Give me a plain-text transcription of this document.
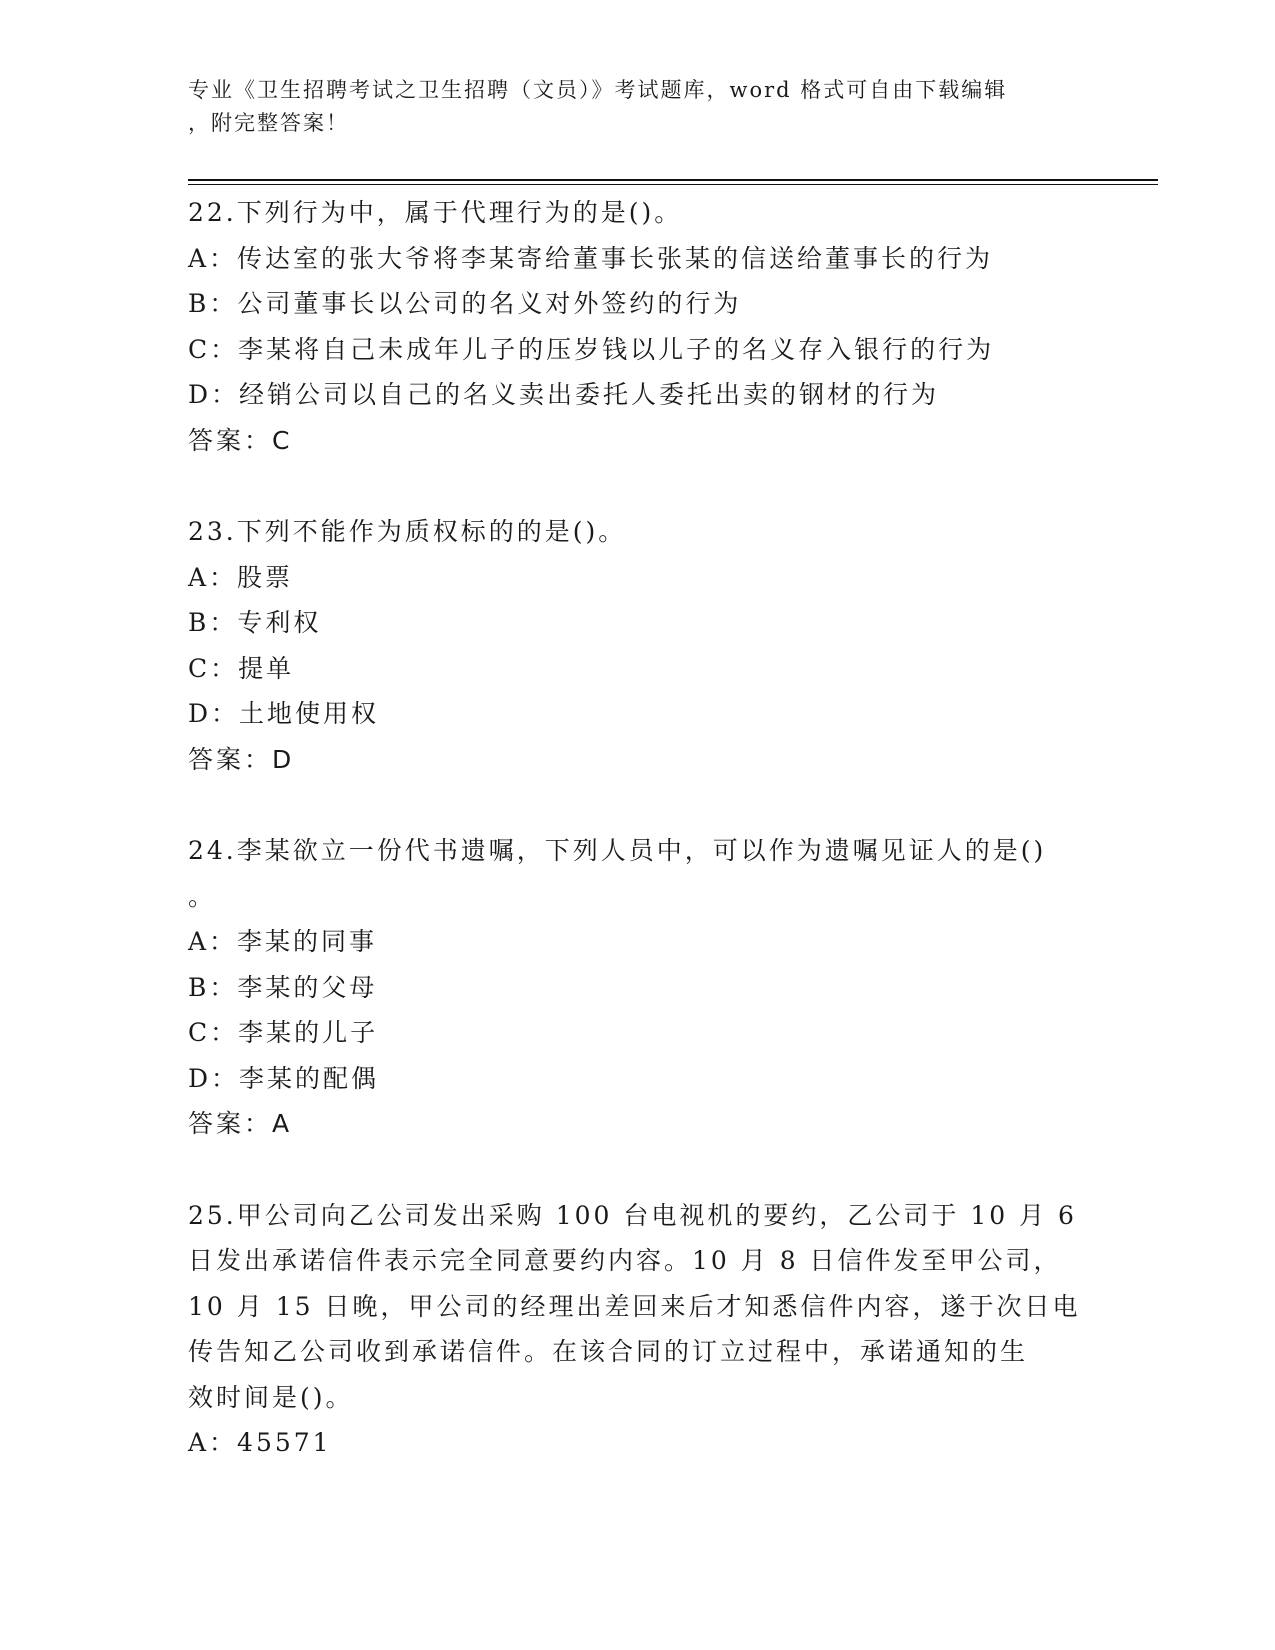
专业《卫生招聘考试之卫生招聘（文员）》考试题库，word 格式可自由下载编辑
，附完整答案！
22.下列行为中，属于代理行为的是()。
A：传达室的张大爷将李某寄给董事长张某的信送给董事长的行为
B：公司董事长以公司的名义对外签约的行为
C：李某将自己未成年儿子的压岁钱以儿子的名义存入银行的行为
D：经销公司以自己的名义卖出委托人委托出卖的钢材的行为
答案：C
23.下列不能作为质权标的的是()。
A：股票
B：专利权
C：提单
D：土地使用权
答案：D
24.李某欲立一份代书遗嘱，下列人员中，可以作为遗嘱见证人的是()
。
A：李某的同事
B：李某的父母
C：李某的儿子
D：李某的配偶
答案：A
25.甲公司向乙公司发出采购 100 台电视机的要约，乙公司于 10 月 6
日发出承诺信件表示完全同意要约内容。10 月 8 日信件发至甲公司，
10 月 15 日晚，甲公司的经理出差回来后才知悉信件内容，遂于次日电
传告知乙公司收到承诺信件。在该合同的订立过程中，承诺通知的生
效时间是()。
A：45571
